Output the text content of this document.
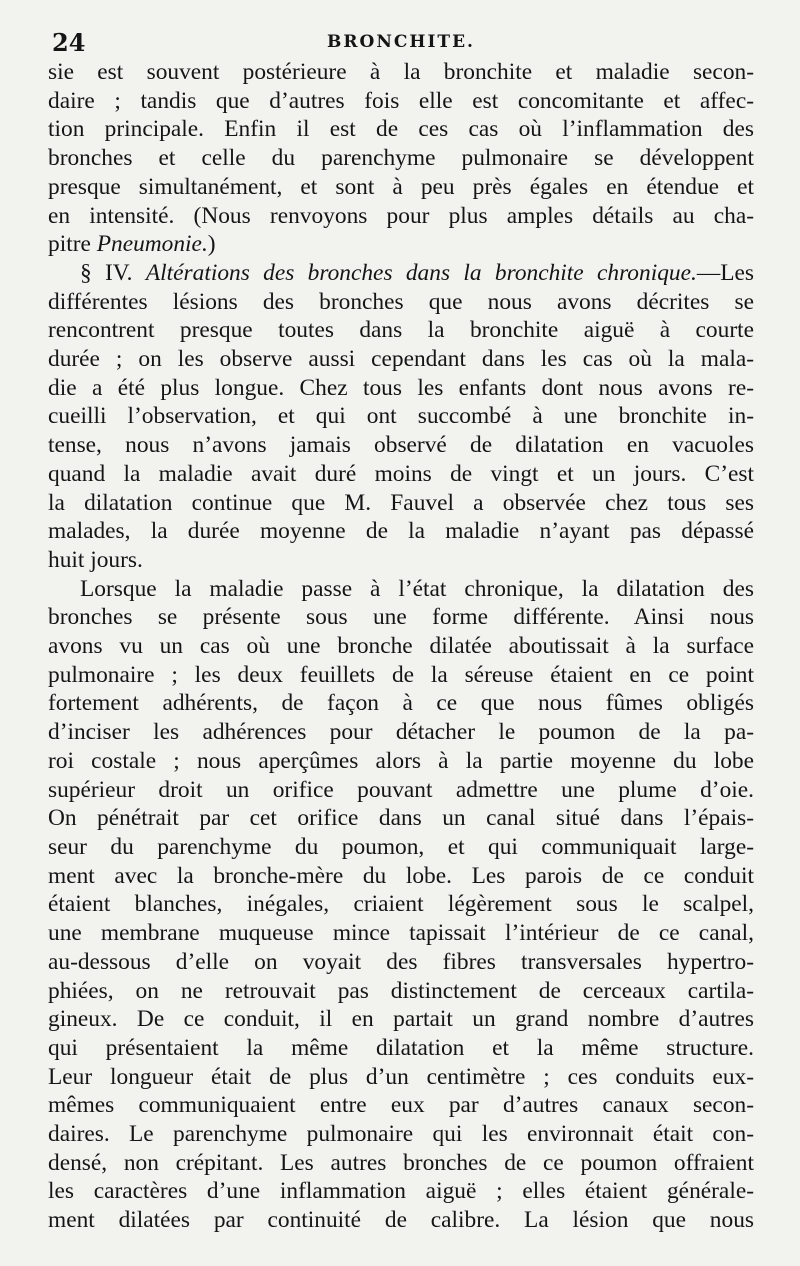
24	BRONCHITE.

sie est souvent postérieure à la bronchite et maladie secon-
daire ; tandis que d’autres fois elle est concomitante et affec-
tion principale. Enfin il est de ces cas où l’inflammation des
bronches et celle du parenchyme pulmonaire se développent
presque simultanément, et sont à peu près égales en étendue et
en intensité. (Nous renvoyons pour plus amples détails au cha-
pitre Pneumonie.)

§ IV. Altérations des bronches dans la bronchite chronique.—Les
différentes lésions des bronches que nous avons décrites se
rencontrent presque toutes dans la bronchite aiguë à courte
durée ; on les observe aussi cependant dans les cas où la mala-
die a été plus longue. Chez tous les enfants dont nous avons re-
cueilli l’observation, et qui ont succombé à une bronchite in-
tense, nous n’avons jamais observé de dilatation en vacuoles
quand la maladie avait duré moins de vingt et un jours. C’est
la dilatation continue que M. Fauvel a observée chez tous ses
malades, la durée moyenne de la maladie n’ayant pas dépassé
huit jours.

Lorsque la maladie passe à l’état chronique, la dilatation des
bronches se présente sous une forme différente. Ainsi nous
avons vu un cas où une bronche dilatée aboutissait à la surface
pulmonaire ; les deux feuillets de la séreuse étaient en ce point
fortement adhérents, de façon à ce que nous fûmes obligés
d’inciser les adhérences pour détacher le poumon de la pa-
roi costale ; nous aperçûmes alors à la partie moyenne du lobe
supérieur droit un orifice pouvant admettre une plume d’oie.
On pénétrait par cet orifice dans un canal situé dans l’épais-
seur du parenchyme du poumon, et qui communiquait large-
ment avec la bronche-mère du lobe. Les parois de ce conduit
étaient blanches, inégales, criaient légèrement sous le scalpel,
une membrane muqueuse mince tapissait l’intérieur de ce canal,
au-dessous d’elle on voyait des fibres transversales hypertro-
phiées, on ne retrouvait pas distinctement de cerceaux cartila-
gineux. De ce conduit, il en partait un grand nombre d’autres
qui présentaient la même dilatation et la même structure.
Leur longueur était de plus d’un centimètre ; ces conduits eux-
mêmes communiquaient entre eux par d’autres canaux secon-
daires. Le parenchyme pulmonaire qui les environnait était con-
densé, non crépitant. Les autres bronches de ce poumon offraient
les caractères d’une inflammation aiguë ; elles étaient générale-
ment dilatées par continuité de calibre. La lésion que nous
